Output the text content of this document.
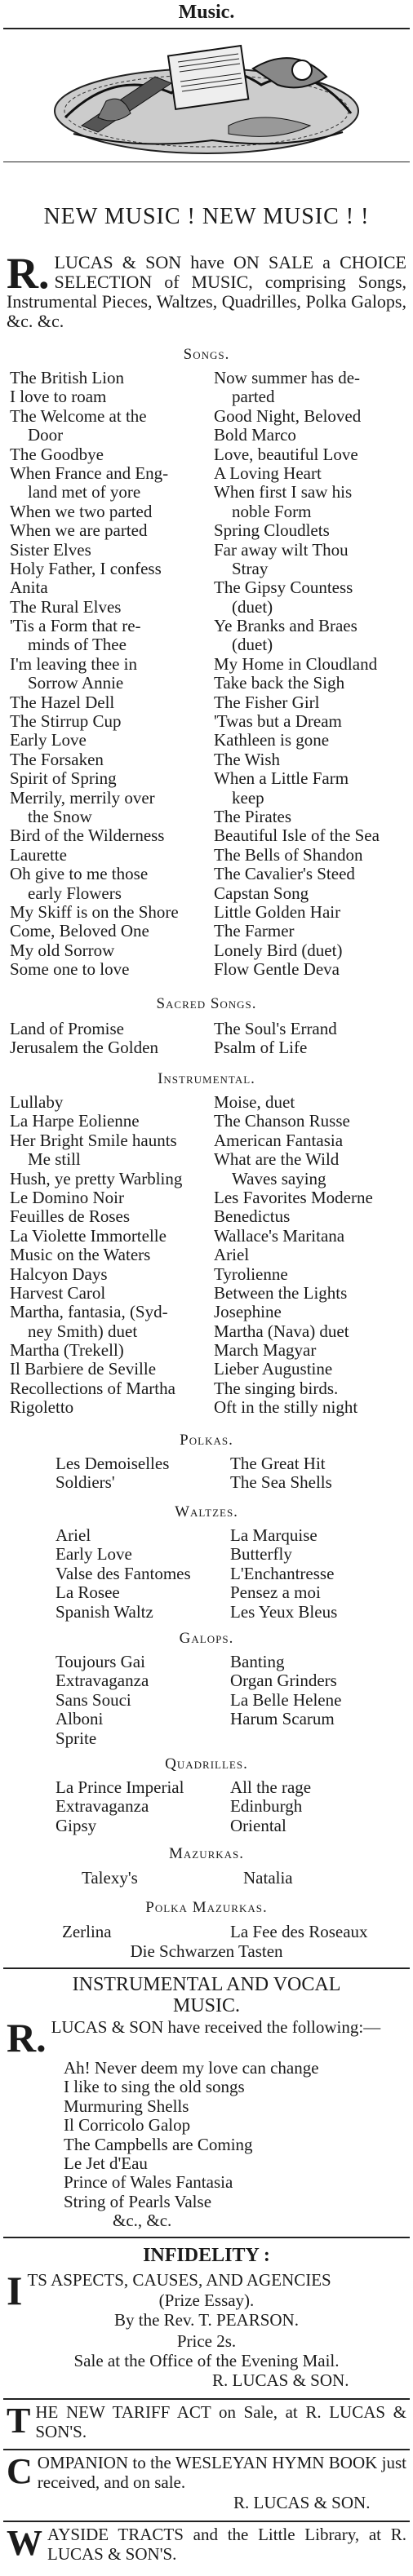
Music.
NEW MUSIC ! NEW MUSIC ! !
R. LUCAS & SON have ON SALE a CHOICE SELECTION of MUSIC, comprising Songs, Instrumental Pieces, Waltzes, Quadrilles, Polka Galops, &c. &c.
Songs.
The British Lion
I love to roam
The Welcome at the
Door
The Goodbye
When France and Eng-
land met of yore
When we two parted
When we are parted
Sister Elves
Holy Father, I confess
Anita
The Rural Elves
'Tis a Form that re-
minds of Thee
I'm leaving thee in
Sorrow Annie
The Hazel Dell
The Stirrup Cup
Early Love
The Forsaken
Spirit of Spring
Merrily, merrily over
the Snow
Bird of the Wilderness
Laurette
Oh give to me those
early Flowers
My Skiff is on the Shore
Come, Beloved One
My old Sorrow
Some one to love
Now summer has de-
parted
Good Night, Beloved
Bold Marco
Love, beautiful Love
A Loving Heart
When first I saw his
noble Form
Spring Cloudlets
Far away wilt Thou
Stray
The Gipsy Countess
(duet)
Ye Branks and Braes
(duet)
My Home in Cloudland
Take back the Sigh
The Fisher Girl
'Twas but a Dream
Kathleen is gone
The Wish
When a Little Farm
keep
The Pirates
Beautiful Isle of the Sea
The Bells of Shandon
The Cavalier's Steed
Capstan Song
Little Golden Hair
The Farmer
Lonely Bird (duet)
Flow Gentle Deva
Sacred Songs.
Land of Promise
Jerusalem the Golden
The Soul's Errand
Psalm of Life
Instrumental.
Lullaby
La Harpe Eolienne
Her Bright Smile haunts
Me still
Hush, ye pretty Warbling
Le Domino Noir
Feuilles de Roses
La Violette Immortelle
Music on the Waters
Halcyon Days
Harvest Carol
Martha, fantasia, (Syd-
ney Smith) duet
Martha (Trekell)
Il Barbiere de Seville
Recollections of Martha
Rigoletto
Moise, duet
The Chanson Russe
American Fantasia
What are the Wild
Waves saying
Les Favorites Moderne
Benedictus
Wallace's Maritana
Ariel
Tyrolienne
Between the Lights
Josephine
Martha (Nava) duet
March Magyar
Lieber Augustine
The singing birds.
Oft in the stilly night
Polkas.
Les Demoiselles
Soldiers'
The Great Hit
The Sea Shells
Waltzes.
Ariel
Early Love
Valse des Fantomes
La Rosee
Spanish Waltz
La Marquise
Butterfly
L'Enchantresse
Pensez a moi
Les Yeux Bleus
Galops.
Toujours Gai
Extravaganza
Sans Souci
Alboni
Sprite
Banting
Organ Grinders
La Belle Helene
Harum Scarum
Quadrilles.
La Prince Imperial
Extravaganza
Gipsy
All the rage
Edinburgh
Oriental
Mazurkas.
Talexy's	Natalia
Polka Mazurkas.
Zerlina	La Fee des Roseaux
Die Schwarzen Tasten
INSTRUMENTAL AND VOCAL
MUSIC.
R. LUCAS & SON have received the following:—
Ah! Never deem my love can change
I like to sing the old songs
Murmuring Shells
Il Corricolo Galop
The Campbells are Coming
Le Jet d'Eau
Prince of Wales Fantasia
String of Pearls Valse
&c., &c.
INFIDELITY :
ITS ASPECTS, CAUSES, AND AGENCIES
(Prize Essay).
By the Rev. T. PEARSON.
Price 2s.
Sale at the Office of the Evening Mail.
R. LUCAS & SON.
THE NEW TARIFF ACT on Sale, at R. LUCAS & SON'S.
COMPANION to the WESLEYAN HYMN BOOK just received, and on sale.
R. LUCAS & SON.
WAYSIDE TRACTS and the Little Library, at R. LUCAS & SON'S.
